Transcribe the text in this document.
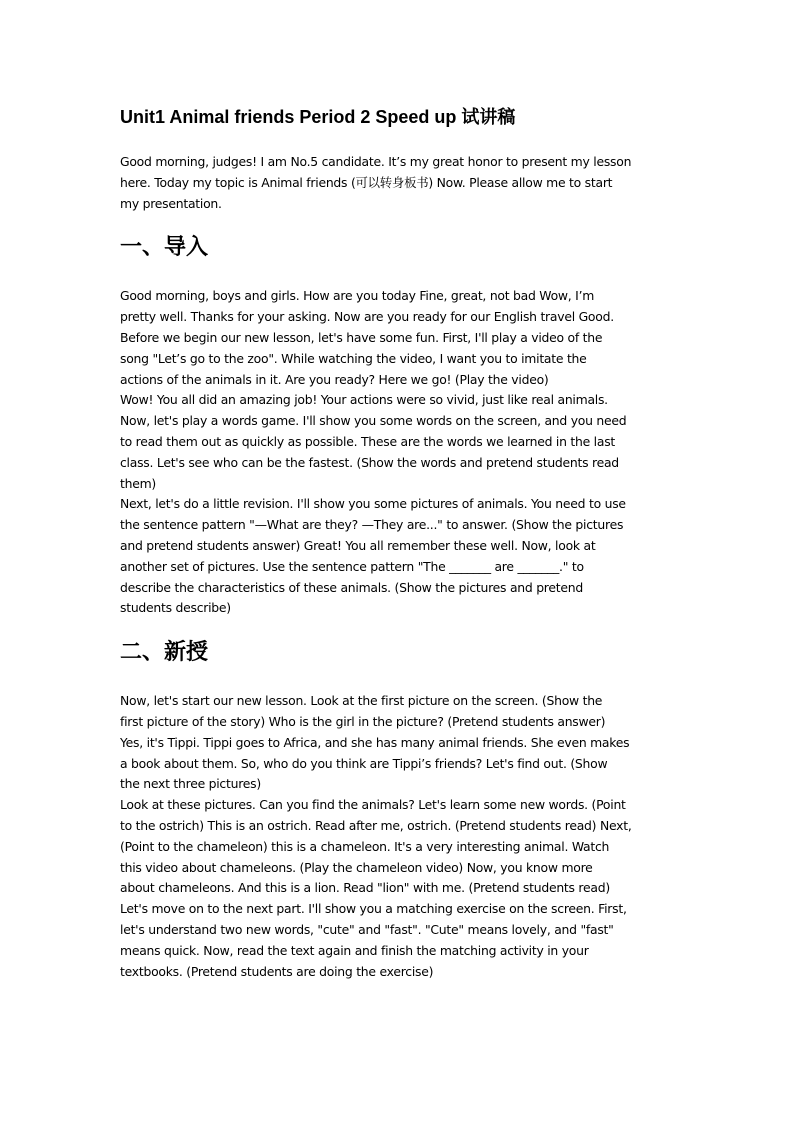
Unit1 Animal friends Period 2 Speed up 试讲稿

Good morning, judges! I am No.5 candidate. It’s my great honor to present my lesson
here. Today my topic is Animal friends (可以转身板书) Now. Please allow me to start
my presentation.

一、导入

Good morning, boys and girls. How are you today Fine, great, not bad Wow, I’m
pretty well. Thanks for your asking. Now are you ready for our English travel Good.
Before we begin our new lesson, let's have some fun. First, I'll play a video of the
song "Let’s go to the zoo". While watching the video, I want you to imitate the
actions of the animals in it. Are you ready? Here we go! (Play the video)
Wow! You all did an amazing job! Your actions were so vivid, just like real animals.
Now, let's play a words game. I'll show you some words on the screen, and you need
to read them out as quickly as possible. These are the words we learned in the last
class. Let's see who can be the fastest. (Show the words and pretend students read
them)
Next, let's do a little revision. I'll show you some pictures of animals. You need to use
the sentence pattern "—What are they? —They are..." to answer. (Show the pictures
and pretend students answer) Great! You all remember these well. Now, look at
another set of pictures. Use the sentence pattern "The _______ are _______." to
describe the characteristics of these animals. (Show the pictures and pretend
students describe)

二、新授

Now, let's start our new lesson. Look at the first picture on the screen. (Show the
first picture of the story) Who is the girl in the picture? (Pretend students answer)
Yes, it's Tippi. Tippi goes to Africa, and she has many animal friends. She even makes
a book about them. So, who do you think are Tippi’s friends? Let's find out. (Show
the next three pictures)
Look at these pictures. Can you find the animals? Let's learn some new words. (Point
to the ostrich) This is an ostrich. Read after me, ostrich. (Pretend students read) Next,
(Point to the chameleon) this is a chameleon. It's a very interesting animal. Watch
this video about chameleons. (Play the chameleon video) Now, you know more
about chameleons. And this is a lion. Read "lion" with me. (Pretend students read)
Let's move on to the next part. I'll show you a matching exercise on the screen. First,
let's understand two new words, "cute" and "fast". "Cute" means lovely, and "fast"
means quick. Now, read the text again and finish the matching activity in your
textbooks. (Pretend students are doing the exercise)
